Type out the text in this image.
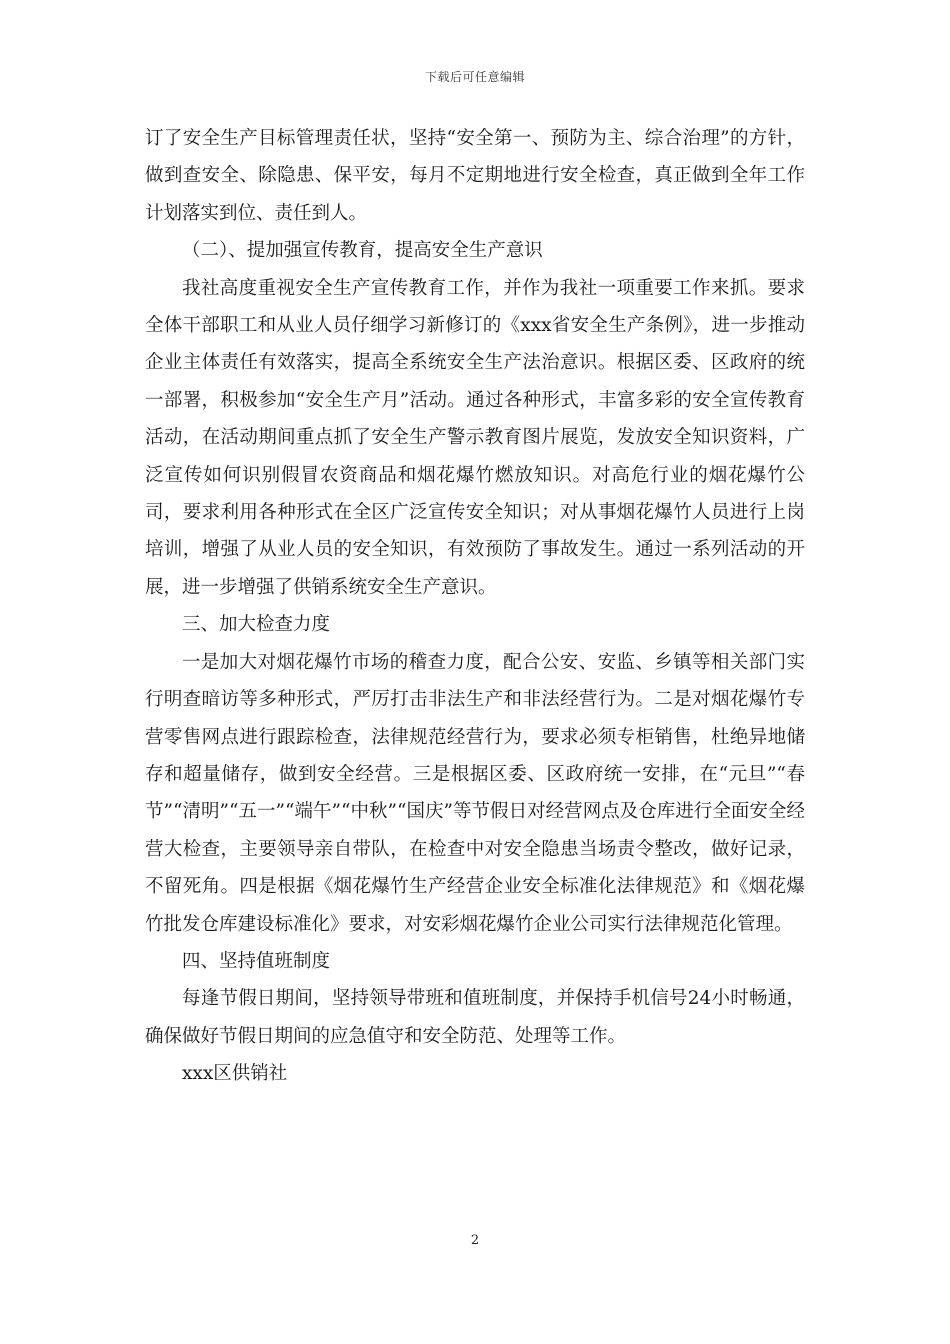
下载后可任意编辑

订了安全生产目标管理责任状，坚持“安全第一、预防为主、综合治理”的方针，做到查安全、除隐患、保平安，每月不定期地进行安全检查，真正做到全年工作计划落实到位、责任到人。

（二）、提加强宣传教育，提高安全生产意识

我社高度重视安全生产宣传教育工作，并作为我社一项重要工作来抓。要求全体干部职工和从业人员仔细学习新修订的《xxx省安全生产条例》，进一步推动企业主体责任有效落实，提高全系统安全生产法治意识。根据区委、区政府的统一部署，积极参加“安全生产月”活动。通过各种形式，丰富多彩的安全宣传教育活动，在活动期间重点抓了安全生产警示教育图片展览，发放安全知识资料，广泛宣传如何识别假冒农资商品和烟花爆竹燃放知识。对高危行业的烟花爆竹公司，要求利用各种形式在全区广泛宣传安全知识；对从事烟花爆竹人员进行上岗培训，增强了从业人员的安全知识，有效预防了事故发生。通过一系列活动的开展，进一步增强了供销系统安全生产意识。

三、加大检查力度

一是加大对烟花爆竹市场的稽查力度，配合公安、安监、乡镇等相关部门实行明查暗访等多种形式，严厉打击非法生产和非法经营行为。二是对烟花爆竹专营零售网点进行跟踪检查，法律规范经营行为，要求必须专柜销售，杜绝异地储存和超量储存，做到安全经营。三是根据区委、区政府统一安排，在“元旦”“春节”“清明”“五一”“端午”“中秋”“国庆”等节假日对经营网点及仓库进行全面安全经营大检查，主要领导亲自带队，在检查中对安全隐患当场责令整改，做好记录，不留死角。四是根据《烟花爆竹生产经营企业安全标准化法律规范》和《烟花爆竹批发仓库建设标准化》要求，对安彩烟花爆竹企业公司实行法律规范化管理。

四、坚持值班制度

每逢节假日期间，坚持领导带班和值班制度，并保持手机信号24小时畅通，确保做好节假日期间的应急值守和安全防范、处理等工作。

xxx区供销社

2
